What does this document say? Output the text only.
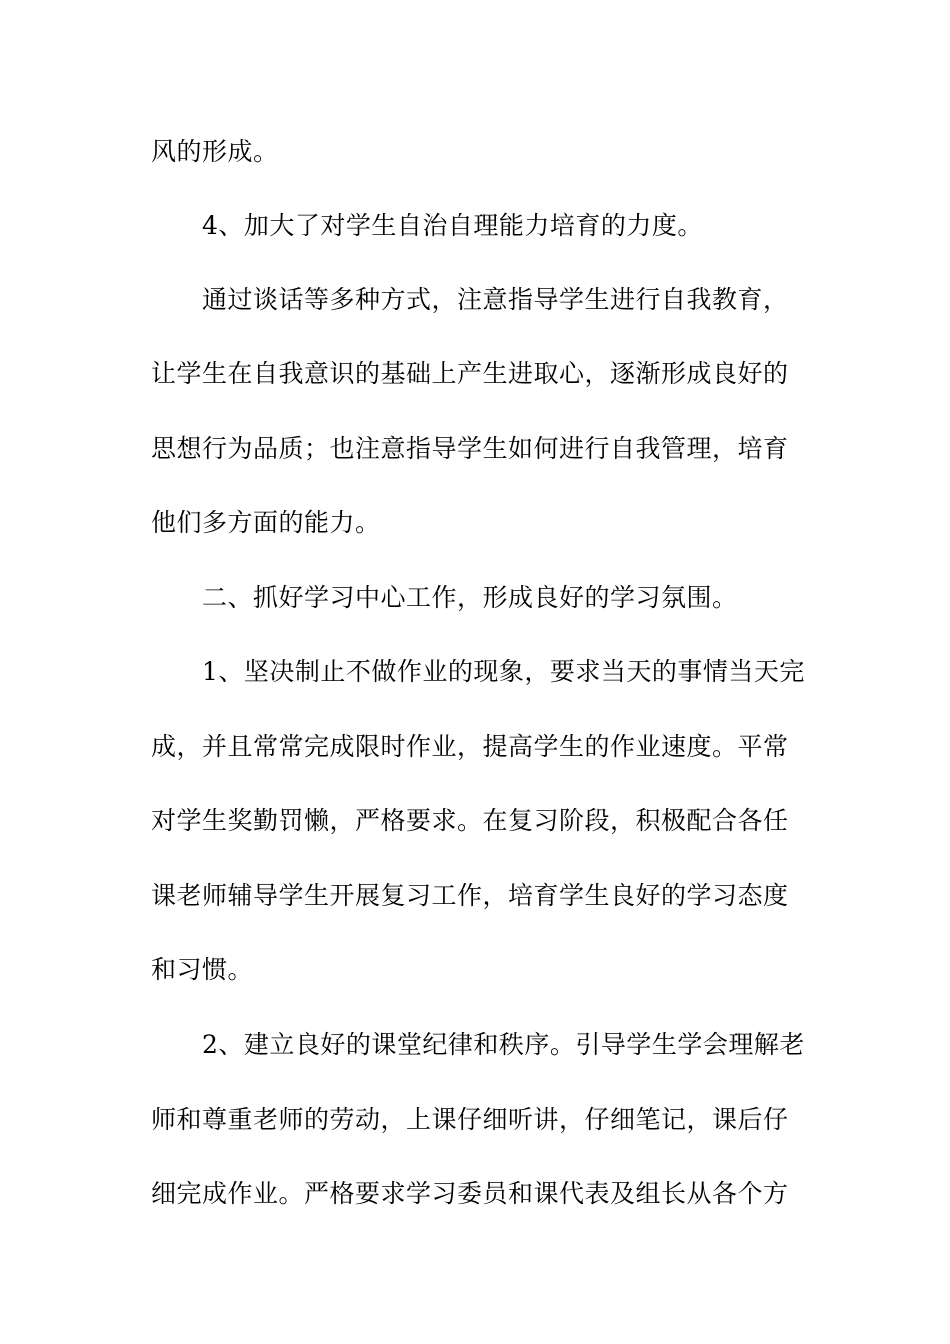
风的形成。
4、加大了对学生自治自理能力培育的力度。
通过谈话等多种方式，注意指导学生进行自我教育，
让学生在自我意识的基础上产生进取心，逐渐形成良好的
思想行为品质；也注意指导学生如何进行自我管理，培育
他们多方面的能力。
二、抓好学习中心工作，形成良好的学习氛围。
1、坚决制止不做作业的现象，要求当天的事情当天完
成，并且常常完成限时作业，提高学生的作业速度。平常
对学生奖勤罚懒，严格要求。在复习阶段，积极配合各任
课老师辅导学生开展复习工作，培育学生良好的学习态度
和习惯。
2、建立良好的课堂纪律和秩序。引导学生学会理解老
师和尊重老师的劳动，上课仔细听讲，仔细笔记，课后仔
细完成作业。严格要求学习委员和课代表及组长从各个方
